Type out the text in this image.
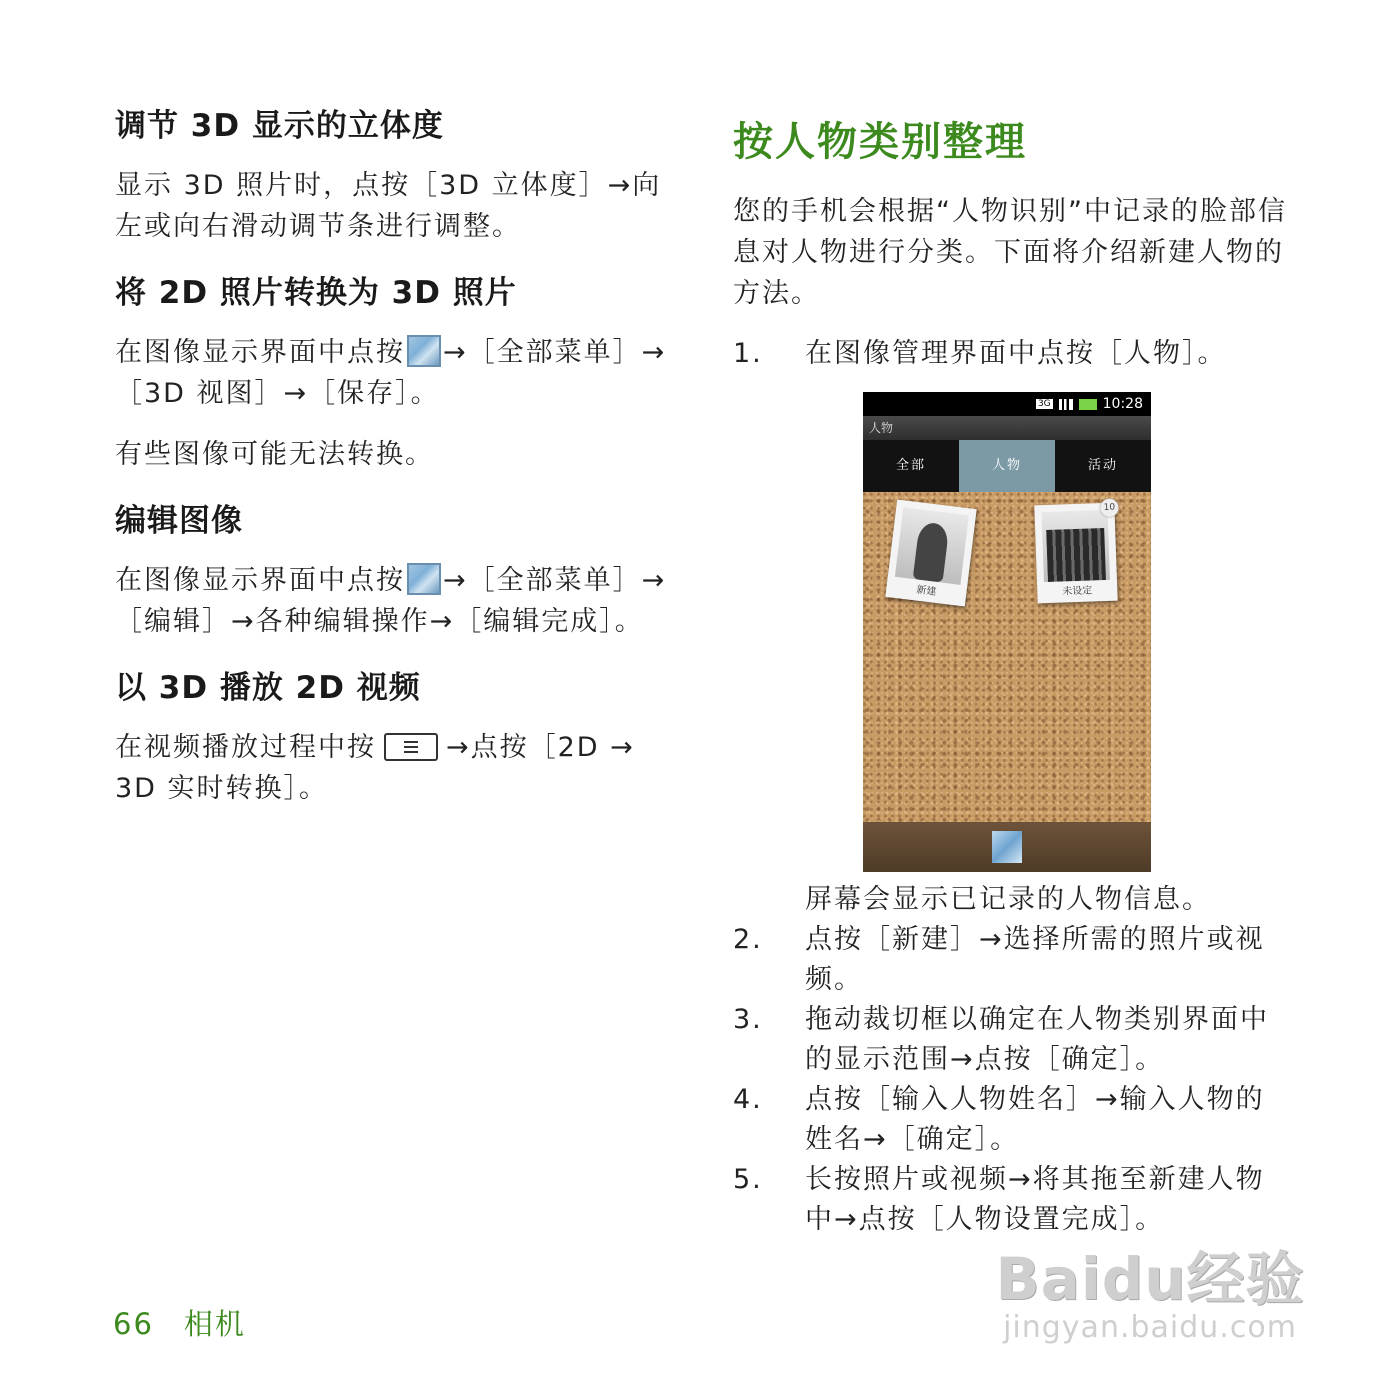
调节 3D 显示的立体度

显示 3D 照片时，点按［3D 立体度］→向左或向右滑动调节条进行调整。

将 2D 照片转换为 3D 照片

在图像显示界面中点按 →［全部菜单］→［3D 视图］→［保存］。

有些图像可能无法转换。

编辑图像

在图像显示界面中点按 →［全部菜单］→［编辑］→各种编辑操作→［编辑完成］。

以 3D 播放 2D 视频

在视频播放过程中按	→点按［2D → 3D 实时转换］。

按人物类别整理

您的手机会根据“人物识别”中记录的脸部信息对人物进行分类。下面将介绍新建人物的方法。

1. 在图像管理界面中点按［人物］。
3G	10:28
人物
全部	人物	活动
新建	未设定
10
屏幕会显示已记录的人物信息。
2. 点按［新建］→选择所需的照片或视频。
3. 拖动裁切框以确定在人物类别界面中的显示范围→点按［确定］。
4. 点按［输入人物姓名］→输入人物的姓名→［确定］。
5. 长按照片或视频→将其拖至新建人物中→点按［人物设置完成］。
66 相机
Baidu经验
jingyan.baidu.com
